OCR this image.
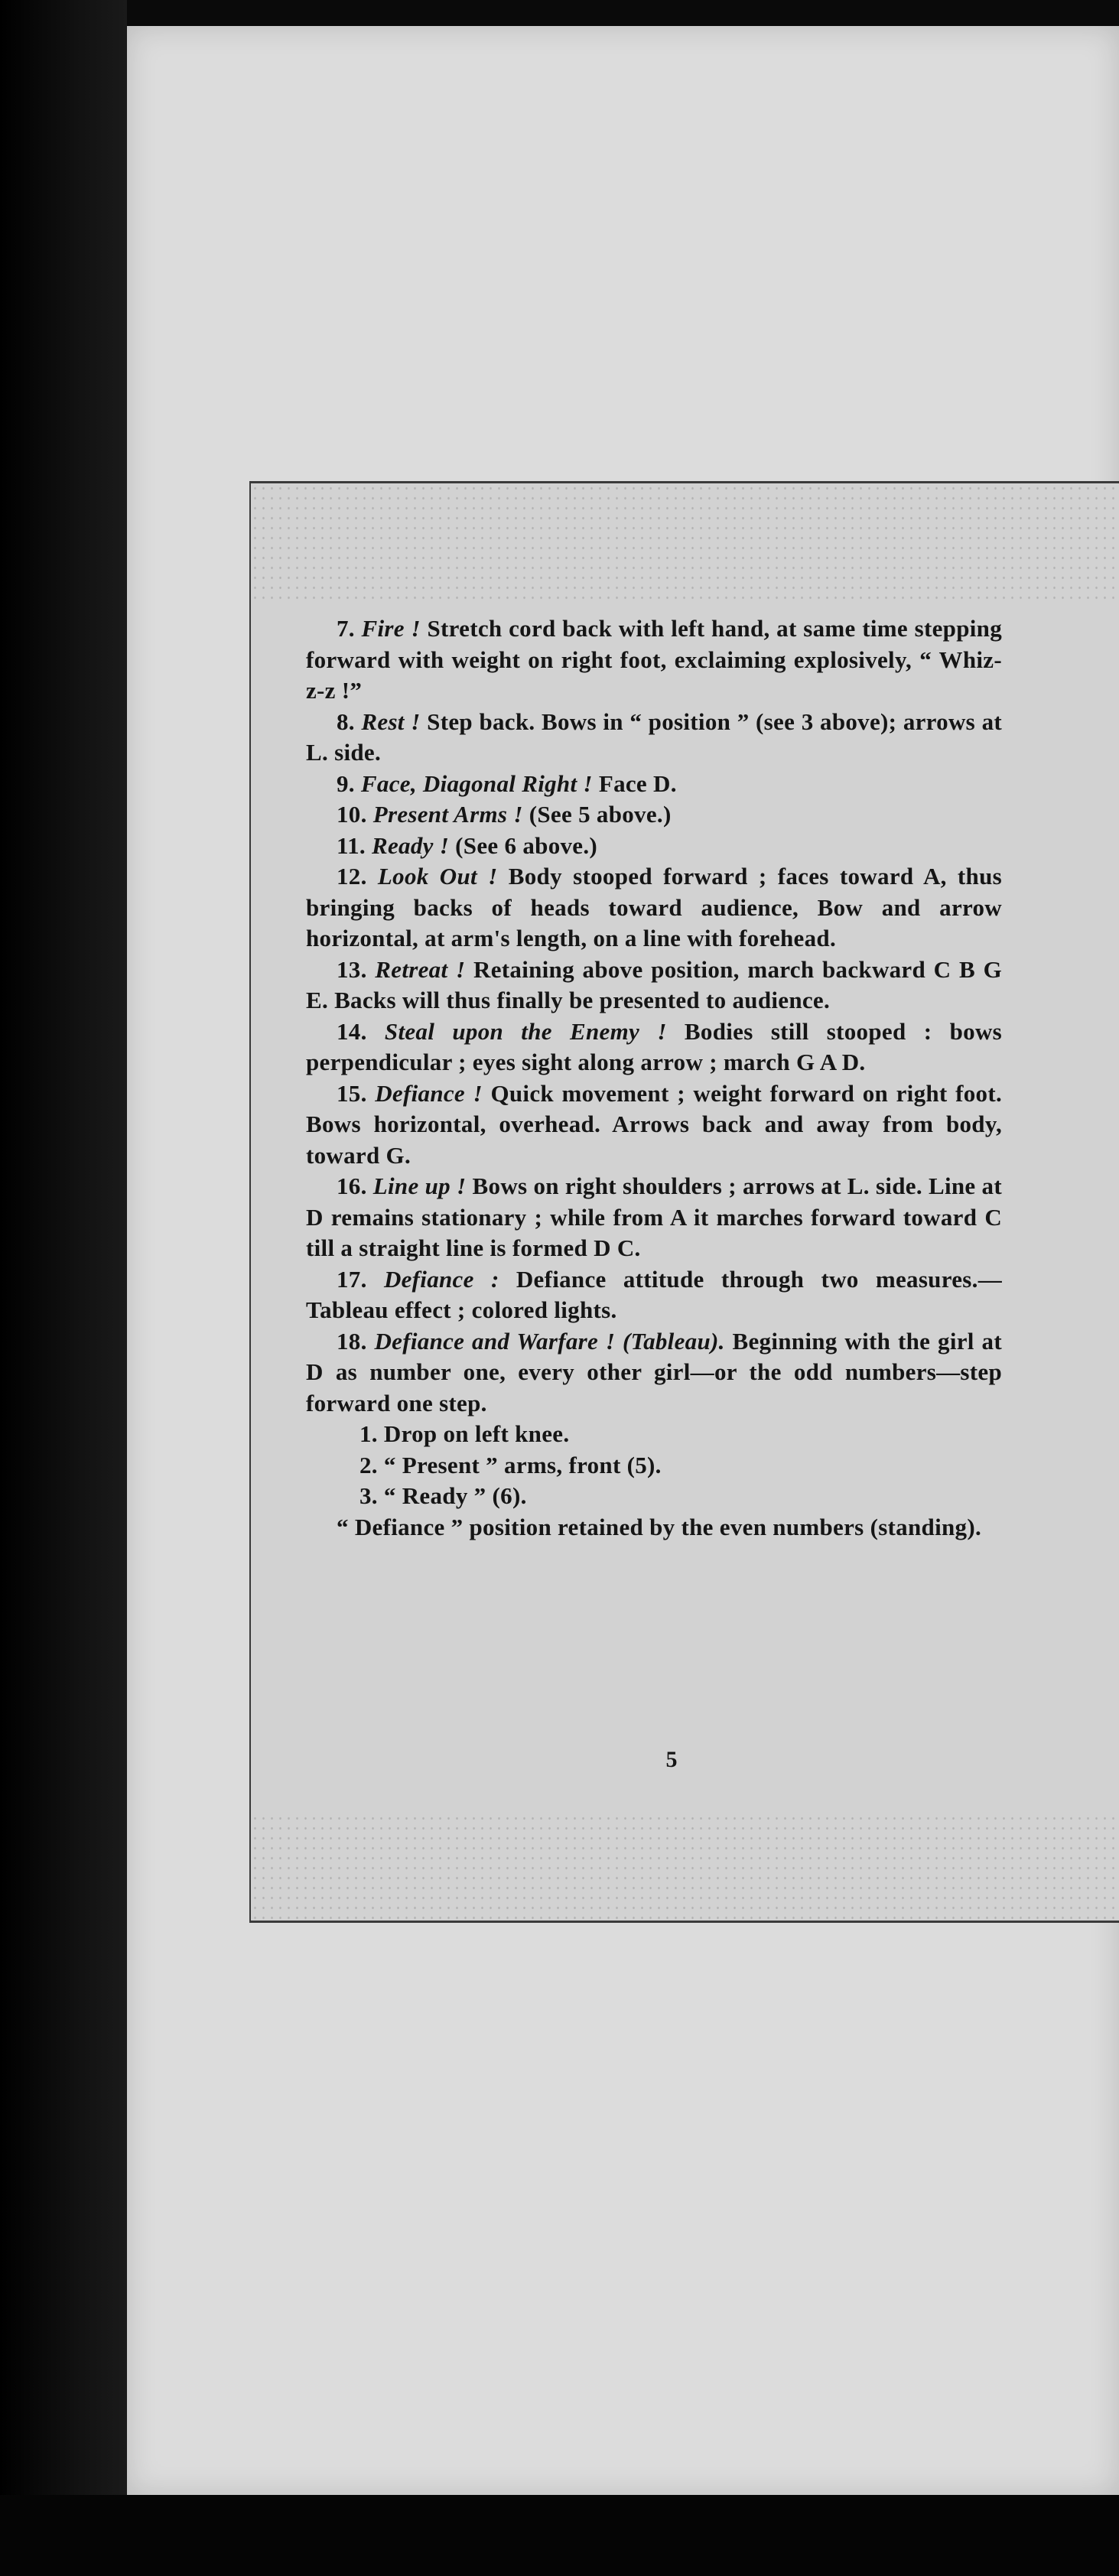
7. Fire ! Stretch cord back with left hand, at same time stepping forward with weight on right foot, exclaiming explosively, “ Whiz-z-z !”

8. Rest ! Step back. Bows in “ position ” (see 3 above); arrows at L. side.

9. Face, Diagonal Right ! Face D.

10. Present Arms ! (See 5 above.)

11. Ready ! (See 6 above.)

12. Look Out ! Body stooped forward ; faces toward A, thus bringing backs of heads toward audience, Bow and arrow horizontal, at arm's length, on a line with forehead.

13. Retreat ! Retaining above position, march backward C B G E. Backs will thus finally be presented to audience.

14. Steal upon the Enemy ! Bodies still stooped : bows perpendicular ; eyes sight along arrow ; march G A D.

15. Defiance ! Quick movement ; weight forward on right foot. Bows horizontal, overhead. Arrows back and away from body, toward G.

16. Line up ! Bows on right shoulders ; arrows at L. side. Line at D remains stationary ; while from A it marches forward toward C till a straight line is formed D C.

17. Defiance : Defiance attitude through two measures.—Tableau effect ; colored lights.

18. Defiance and Warfare ! (Tableau). Beginning with the girl at D as number one, every other girl—or the odd numbers—step forward one step.

1. Drop on left knee.

2. “ Present ” arms, front (5).

3. “ Ready ” (6).

“ Defiance ” position retained by the even numbers (standing).

5
